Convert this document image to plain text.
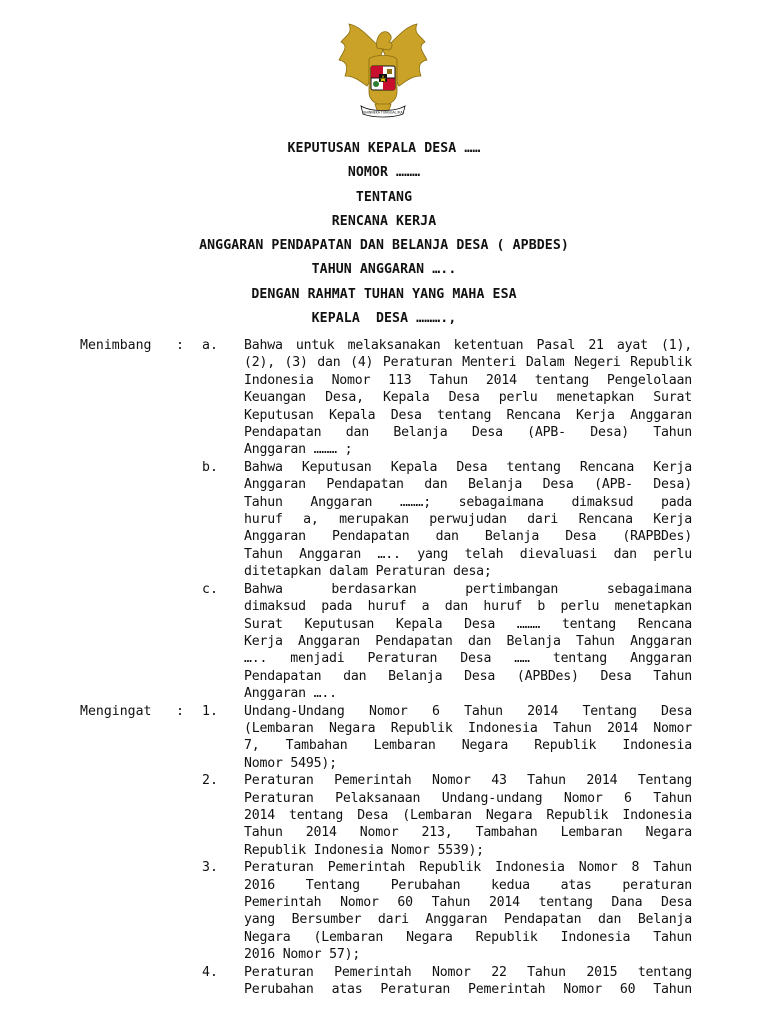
BHINNEKA TUNGGAL IKA
KEPUTUSAN KEPALA DESA ……
NOMOR ………
TENTANG
RENCANA KERJA
ANGGARAN PENDAPATAN DAN BELANJA DESA ( APBDES)
TAHUN ANGGARAN …..
DENGAN RAHMAT TUHAN YANG MAHA ESA
KEPALA  DESA ……….,
Menimbang	:	a.	Bahwa untuk melaksanakan ketentuan Pasal 21 ayat (1),
(2), (3) dan (4) Peraturan Menteri Dalam Negeri Republik
Indonesia Nomor 113 Tahun 2014 tentang Pengelolaan
Keuangan Desa, Kepala Desa perlu menetapkan Surat
Keputusan Kepala Desa tentang Rencana Kerja Anggaran
Pendapatan dan Belanja Desa (APB- Desa) Tahun
Anggaran ……… ;
b.	Bahwa Keputusan Kepala Desa tentang Rencana Kerja
Anggaran Pendapatan dan Belanja Desa (APB- Desa)
Tahun Anggaran ………; sebagaimana dimaksud pada
huruf a, merupakan perwujudan dari Rencana Kerja
Anggaran Pendapatan dan Belanja Desa (RAPBDes)
Tahun Anggaran ….. yang telah dievaluasi dan perlu
ditetapkan dalam Peraturan desa;
c.	Bahwa berdasarkan pertimbangan sebagaimana
dimaksud pada huruf a dan huruf b perlu menetapkan
Surat Keputusan Kepala Desa ……… tentang Rencana
Kerja Anggaran Pendapatan dan Belanja Tahun Anggaran
….. menjadi Peraturan Desa …… tentang Anggaran
Pendapatan dan Belanja Desa (APBDes) Desa Tahun
Anggaran …..
Mengingat	:	1.	Undang-Undang Nomor 6 Tahun 2014 Tentang Desa
(Lembaran Negara Republik Indonesia Tahun 2014 Nomor
7, Tambahan Lembaran Negara Republik Indonesia
Nomor 5495);
2.	Peraturan Pemerintah Nomor 43 Tahun 2014 Tentang
Peraturan Pelaksanaan Undang-undang Nomor 6 Tahun
2014 tentang Desa (Lembaran Negara Republik Indonesia
Tahun 2014 Nomor 213, Tambahan Lembaran Negara
Republik Indonesia Nomor 5539);
3.	Peraturan Pemerintah Republik Indonesia Nomor 8 Tahun
2016 Tentang Perubahan kedua atas peraturan
Pemerintah Nomor 60 Tahun 2014 tentang Dana Desa
yang Bersumber dari Anggaran Pendapatan dan Belanja
Negara (Lembaran Negara Republik Indonesia Tahun
2016 Nomor 57);
4.	Peraturan Pemerintah Nomor 22 Tahun 2015 tentang
Perubahan atas Peraturan Pemerintah Nomor 60 Tahun
